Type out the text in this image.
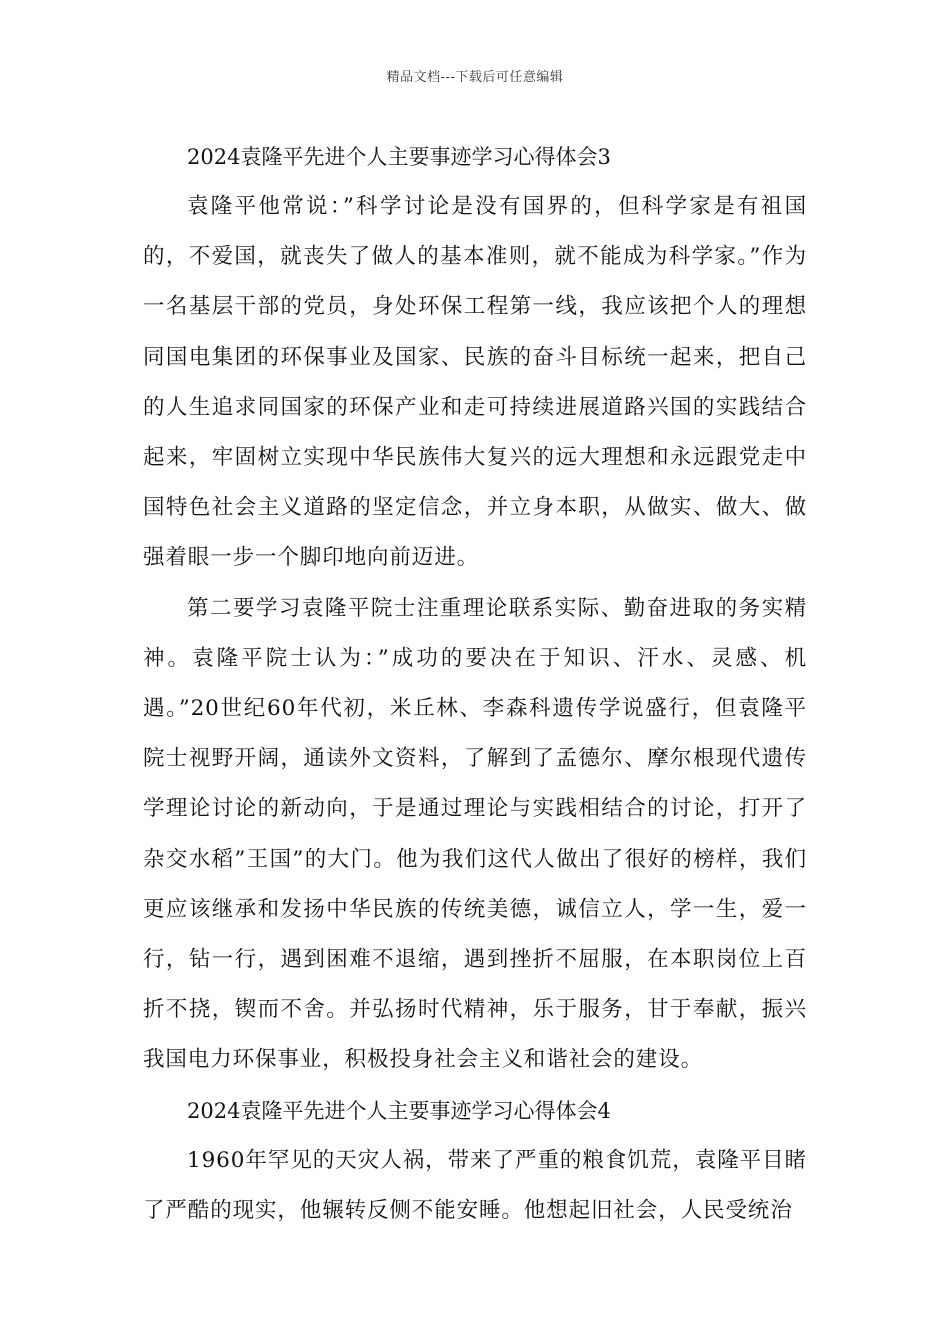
精品文档---下载后可任意编辑
2024袁隆平先进个人主要事迹学习心得体会3

袁隆平他常说：”科学讨论是没有国界的，但科学家是有祖国的，不爱国，就丧失了做人的基本准则，就不能成为科学家。”作为一名基层干部的党员，身处环保工程第一线，我应该把个人的理想同国电集团的环保事业及国家、民族的奋斗目标统一起来，把自己的人生追求同国家的环保产业和走可持续进展道路兴国的实践结合起来，牢固树立实现中华民族伟大复兴的远大理想和永远跟党走中国特色社会主义道路的坚定信念，并立身本职，从做实、做大、做强着眼一步一个脚印地向前迈进。

第二要学习袁隆平院士注重理论联系实际、勤奋进取的务实精神。袁隆平院士认为：”成功的要决在于知识、汗水、灵感、机遇。”20世纪60年代初，米丘林、李森科遗传学说盛行，但袁隆平院士视野开阔，通读外文资料，了解到了孟德尔、摩尔根现代遗传学理论讨论的新动向，于是通过理论与实践相结合的讨论，打开了杂交水稻”王国”的大门。他为我们这代人做出了很好的榜样，我们更应该继承和发扬中华民族的传统美德，诚信立人，学一生，爱一行，钻一行，遇到困难不退缩，遇到挫折不屈服，在本职岗位上百折不挠，锲而不舍。并弘扬时代精神，乐于服务，甘于奉献，振兴我国电力环保事业，积极投身社会主义和谐社会的建设。

2024袁隆平先进个人主要事迹学习心得体会4

1960年罕见的天灾人祸，带来了严重的粮食饥荒，袁隆平目睹了严酷的现实，他辗转反侧不能安睡。他想起旧社会，人民受统治
